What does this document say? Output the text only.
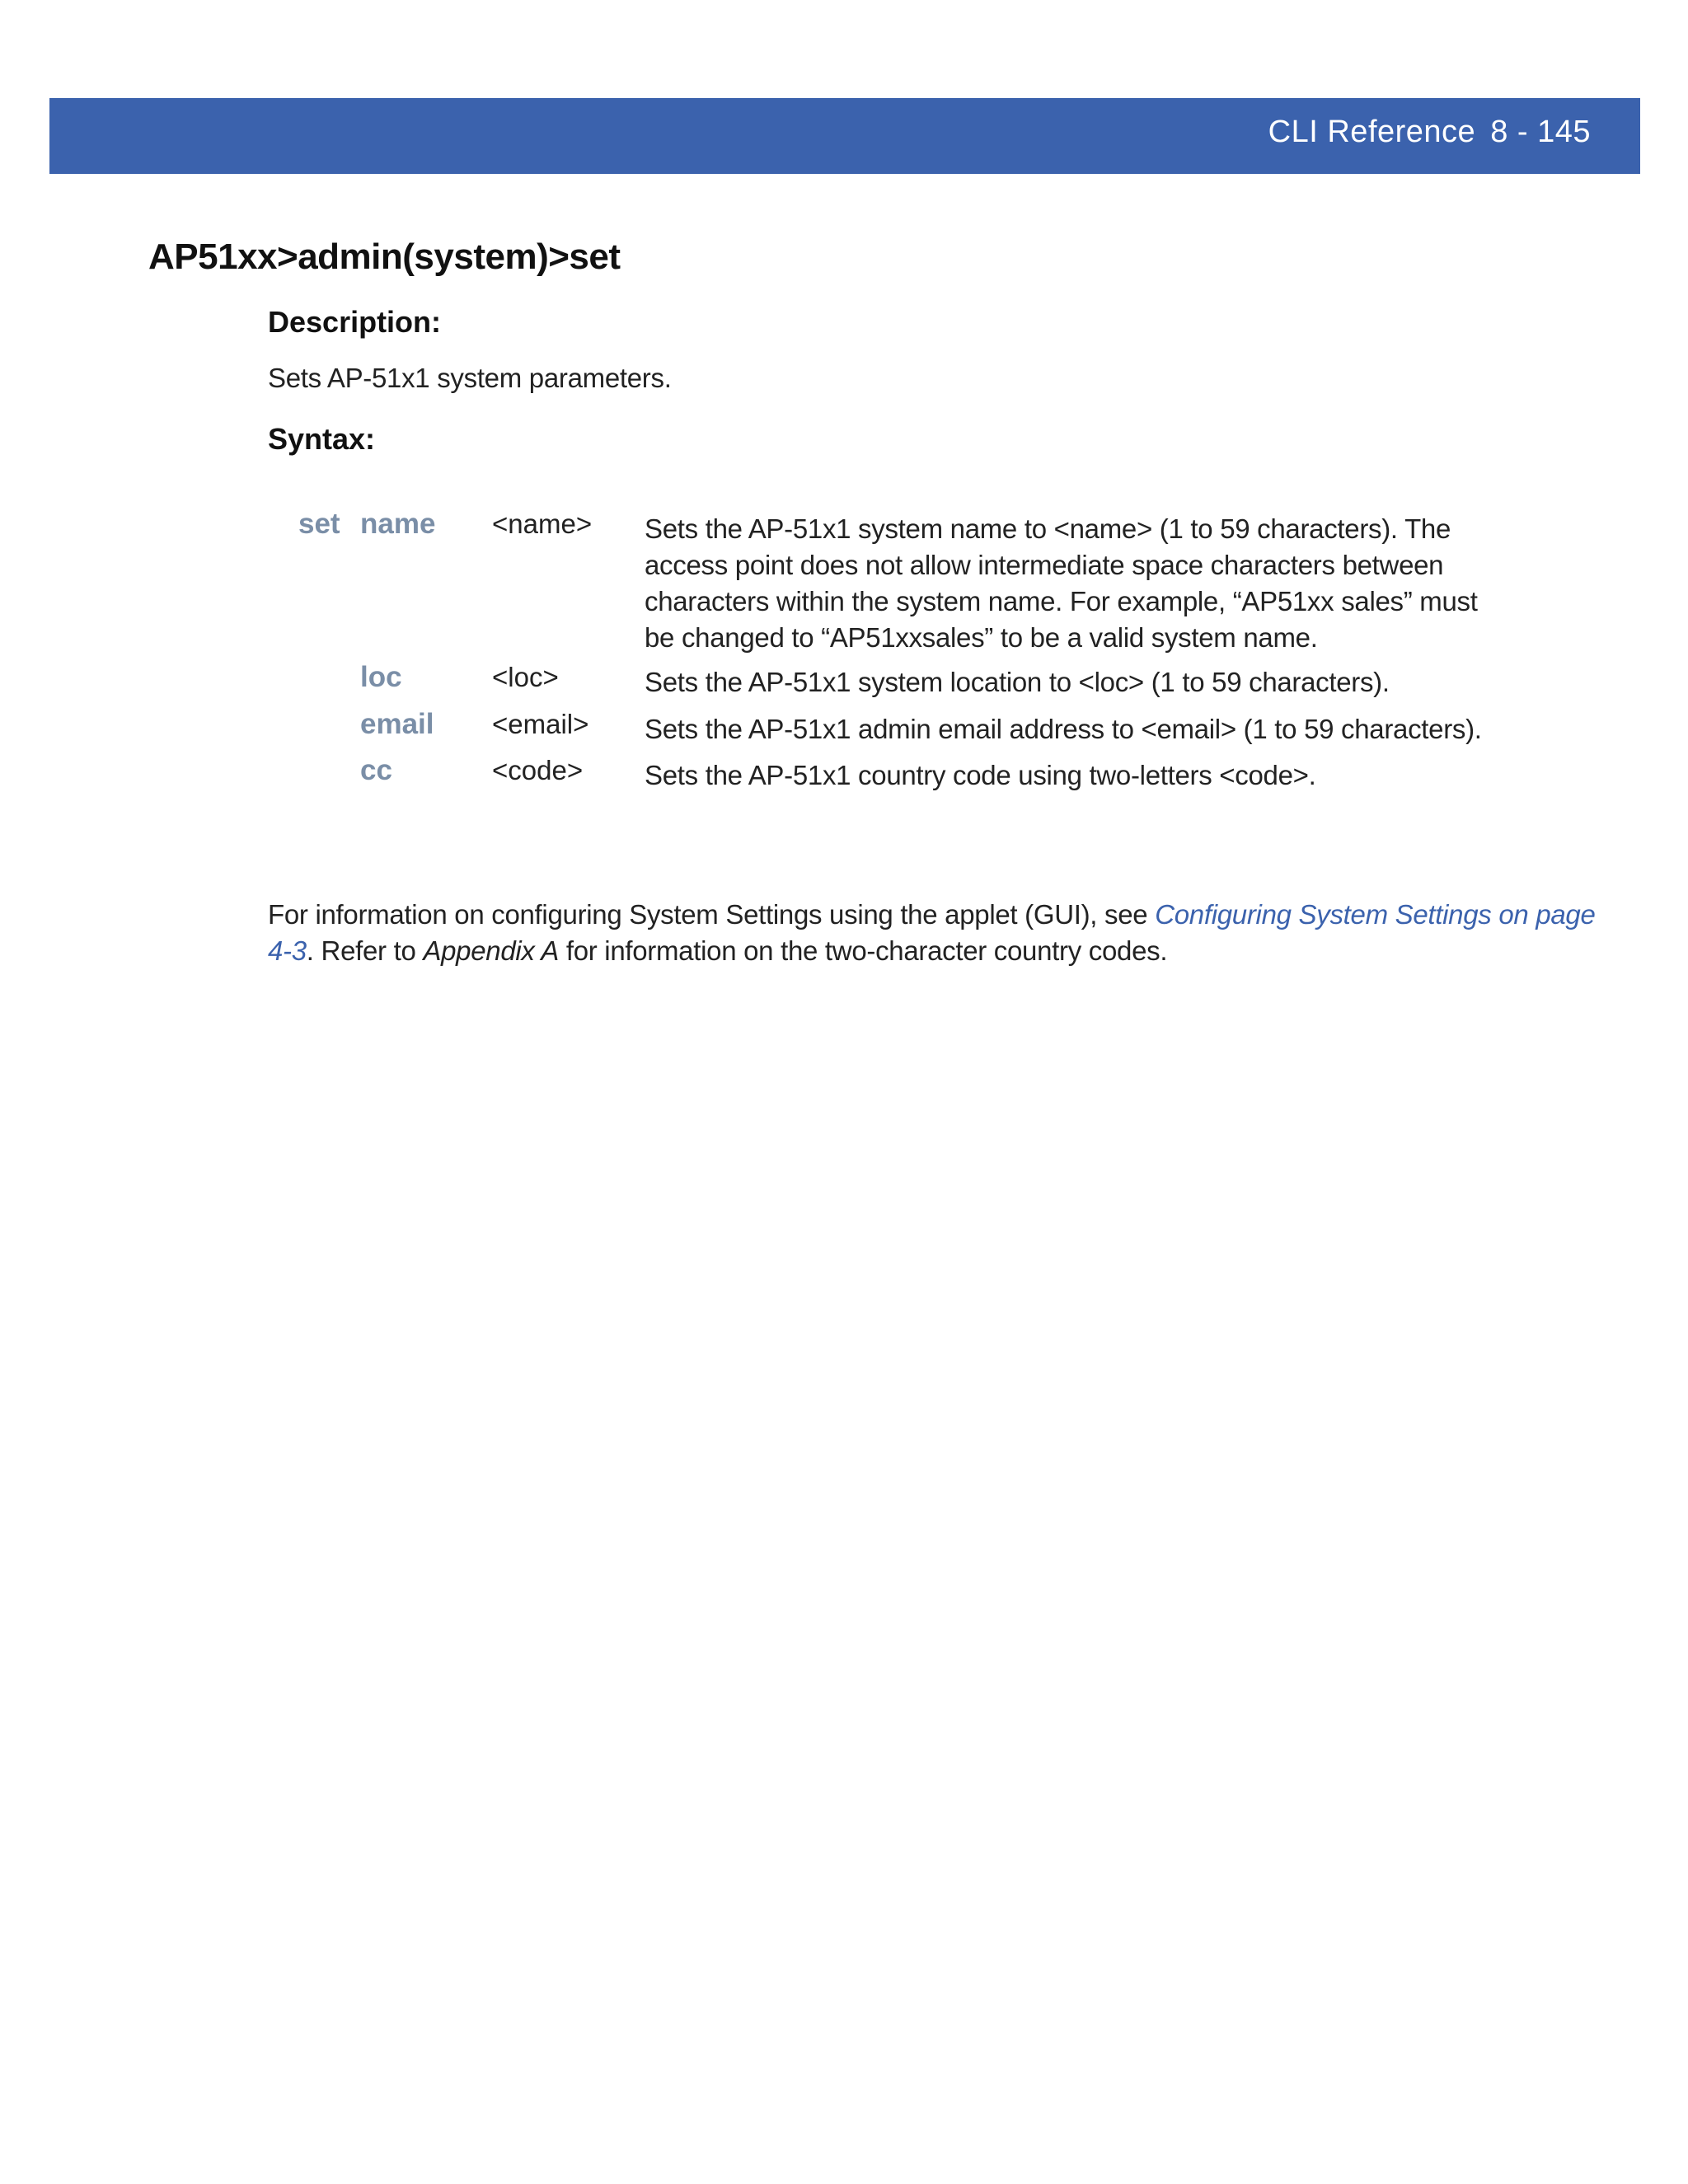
CLI Reference 8 - 145
AP51xx>admin(system)>set
Description:
Sets AP-51x1 system parameters.
Syntax:
set name <name> Sets the AP-51x1 system name to <name> (1 to 59 characters). The access point does not allow intermediate space characters between characters within the system name. For example, “AP51xx sales” must be changed to “AP51xxsales” to be a valid system name.
loc	<loc>	Sets the AP-51x1 system location to <loc> (1 to 59 characters).
email <email> Sets the AP-51x1 admin email address to <email> (1 to 59 characters).
cc	<code> Sets the AP-51x1 country code using two-letters <code>.

For information on configuring System Settings using the applet (GUI), see Configuring System Settings on page 4-3. Refer to Appendix A for information on the two-character country codes.
